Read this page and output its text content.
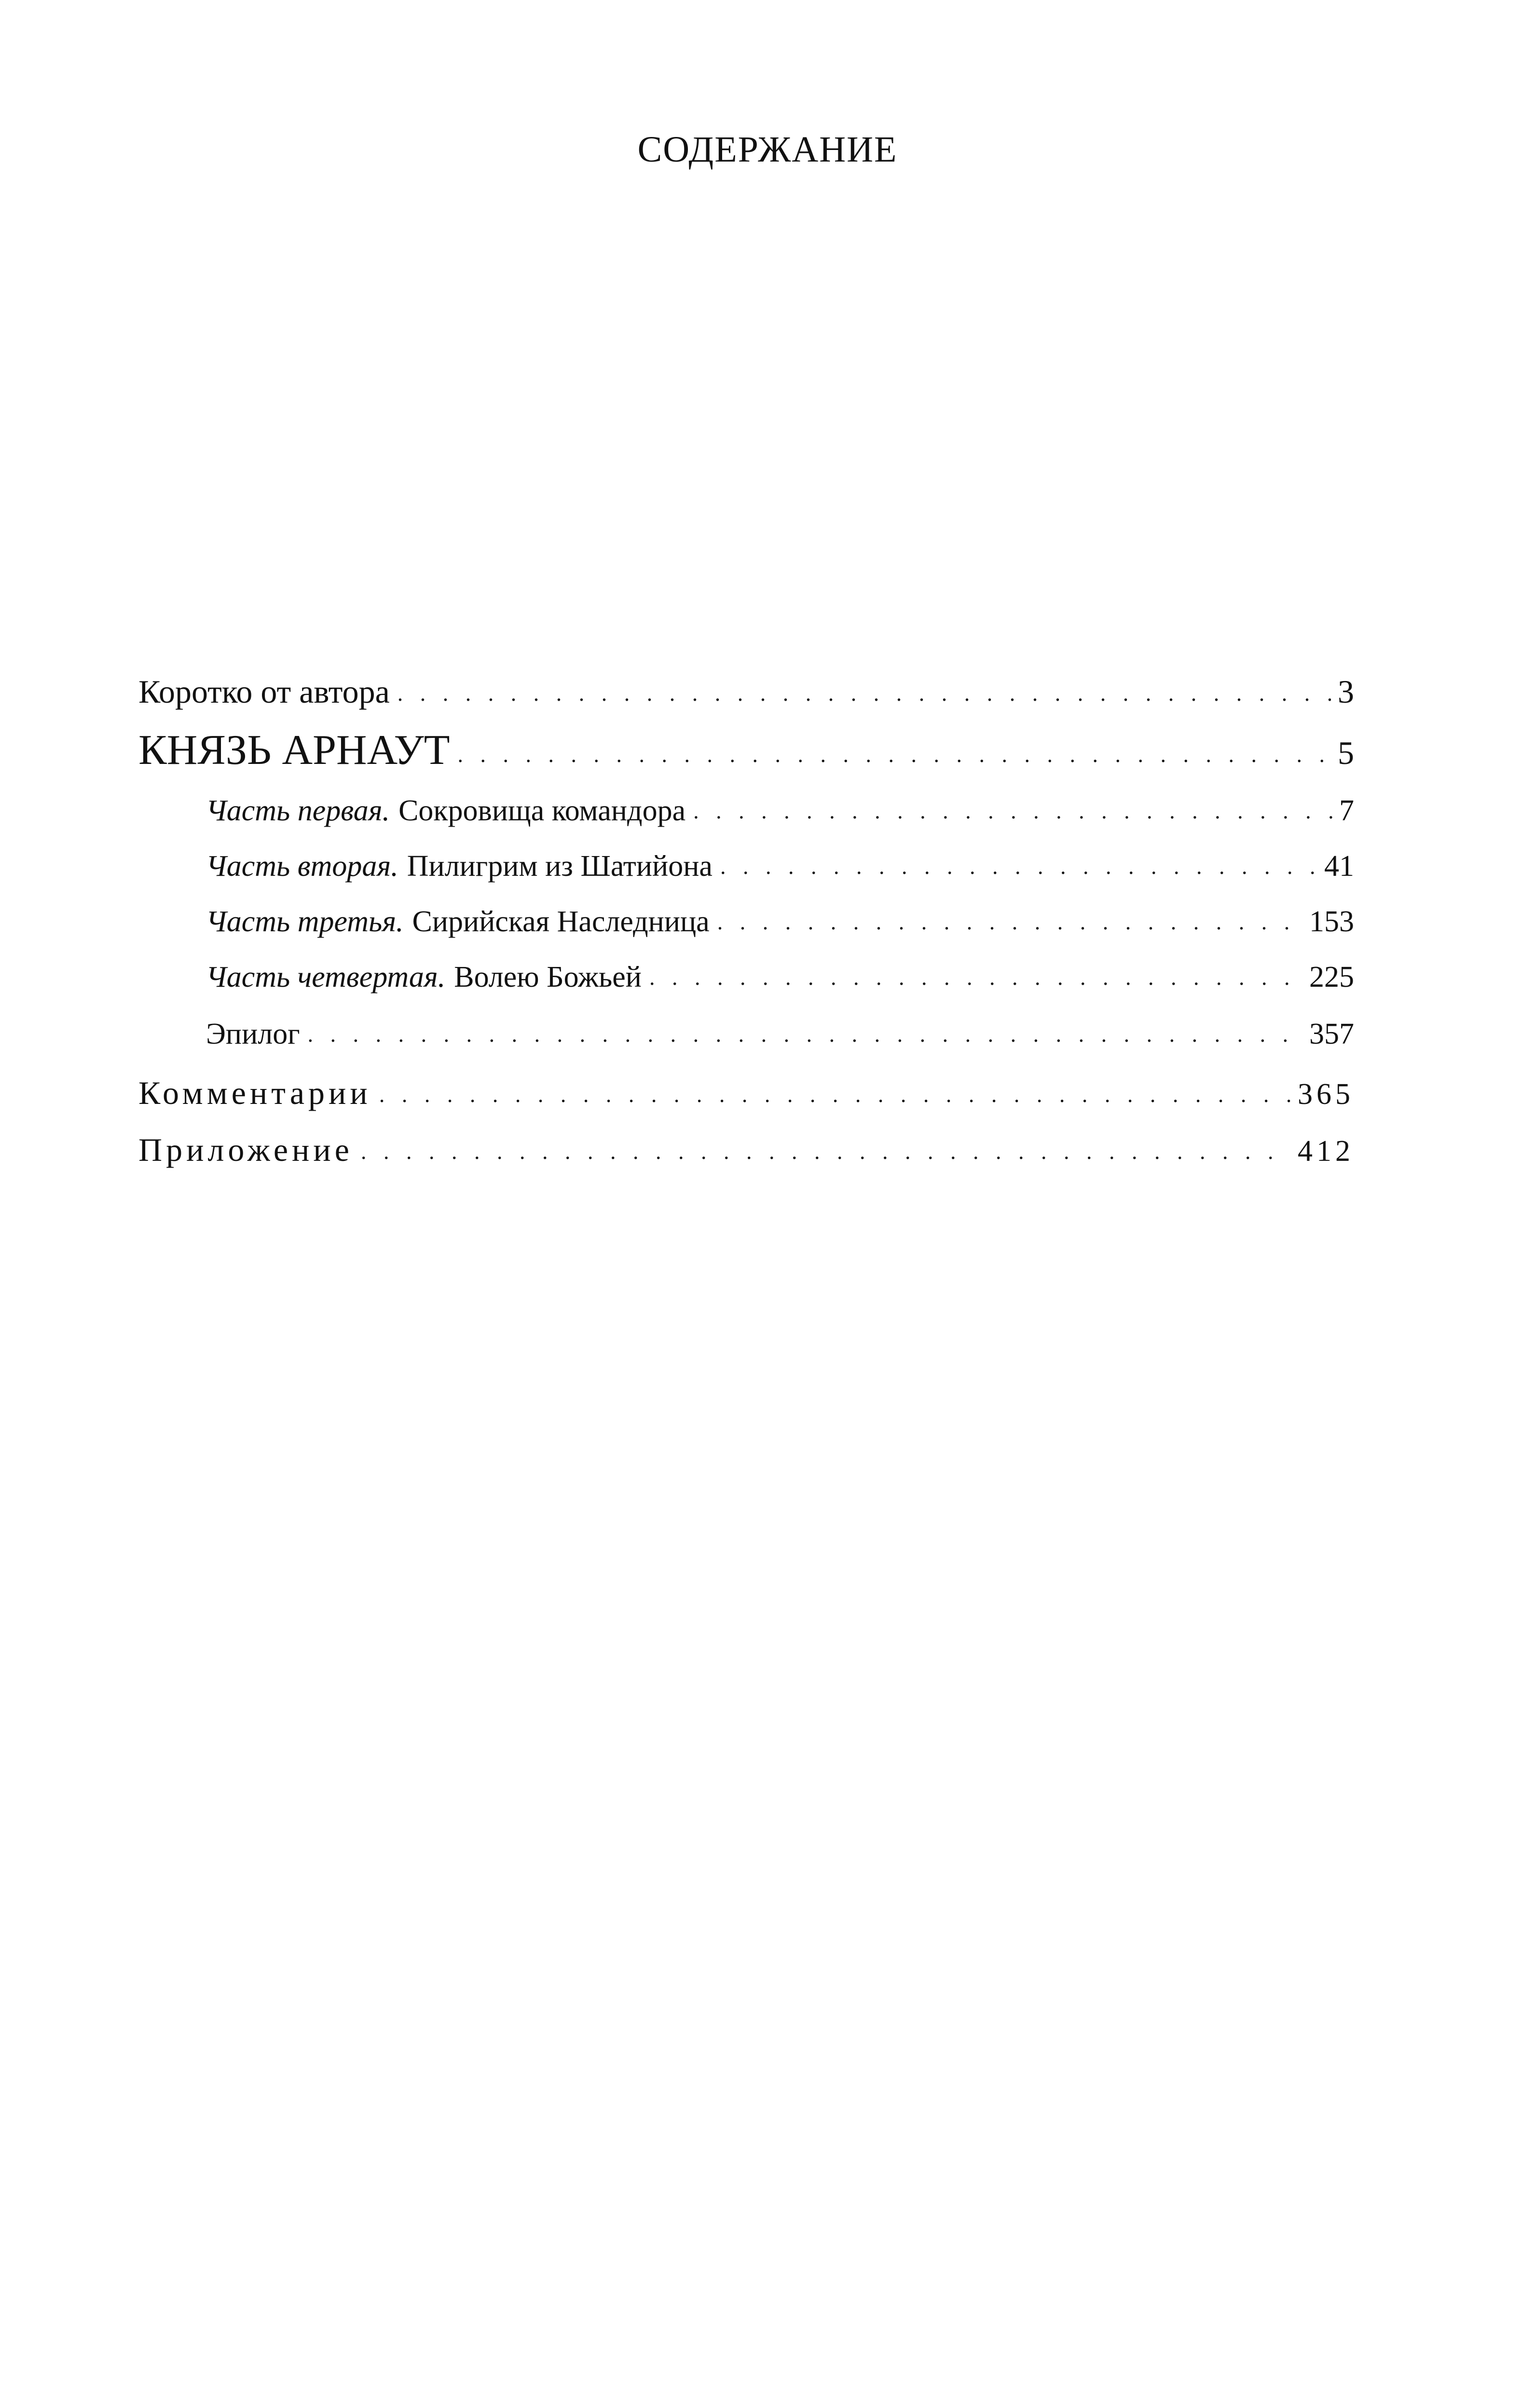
СОДЕРЖАНИЕ
Коротко от автора . . .	3
КНЯЗЬ АРНАУТ . . .	5
Часть первая. Сокровища командора . . .	7
Часть вторая. Пилигрим из Шатийона . . .	41
Часть третья. Сирийская Наследница . . .	153
Часть четвертая. Волею Божьей . . .	225
Эпилог . . .	357
Комментарии . . .	365
Приложение . . .	412
